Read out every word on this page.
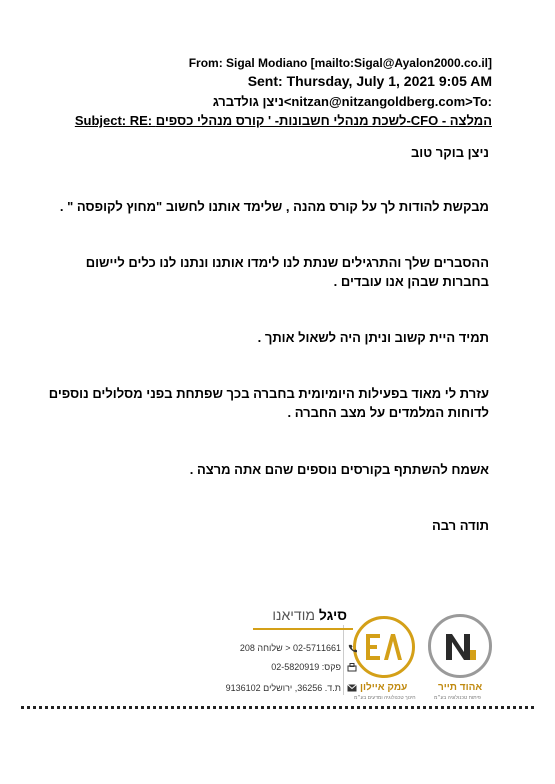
From: Sigal Modiano [mailto:Sigal@Ayalon2000.co.il]
Sent: Thursday, July 1, 2021 9:05 AM
ניצן גולדברג<nitzan@nitzangoldberg.com>To:
Subject: RE: לשכת מנהלי חשבונות- ' קורס מנהלי כספים-CFO - המלצה
ניצן בוקר טוב
מבקשת להודות לך על קורס מהנה , שלימד אותנו לחשוב "מחוץ לקופסה " .
ההסברים שלך והתרגילים שנתת לנו לימדו אותנו ונתנו לנו כלים ליישום בחברות שבהן אנו עובדים .
תמיד היית קשוב וניתן היה לשאול אותך .
עזרת לי מאוד בפעילות היומיומית בחברה בכך שפתחת בפני מסלולים נוספים לדוחות המלמדים על מצב החברה .
אשמח להשתתף בקורסים נוספים שהם אתה מרצה .
תודה רבה
עמק איילון	אהוד תייר
חינוך טכנולוגיה ומדעים בע״מ	פיתוח טכנולוגיה בע״מ
סיגל מודיאנו
02-5711661 < שלוחה 208
פקס: 02-5820919
ת.ד. 36256, ירושלים 9136102
